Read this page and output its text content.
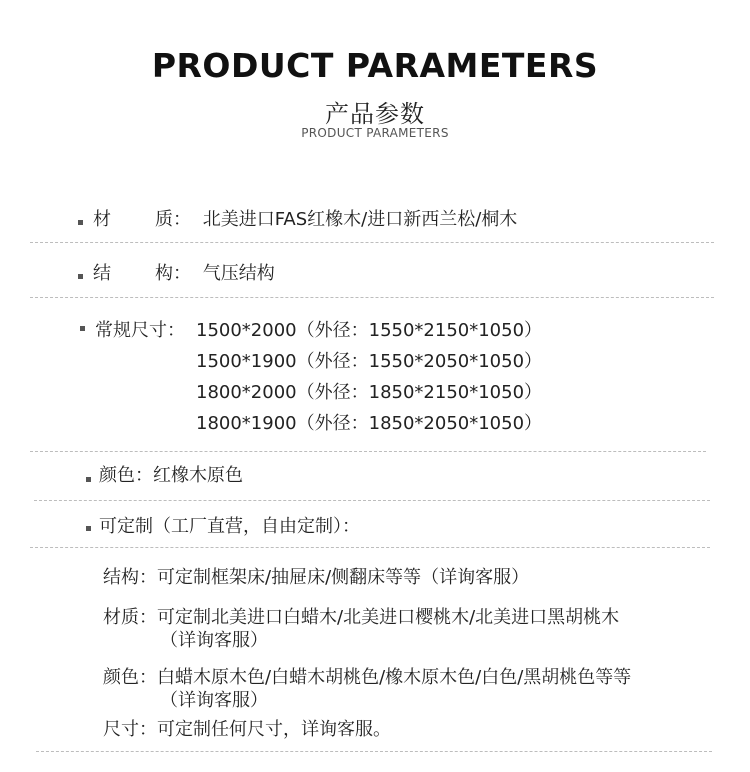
PRODUCT PARAMETERS
产品参数
PRODUCT PARAMETERS
材 质： 北美进口FAS红橡木/进口新西兰松/桐木
结 构： 气压结构
常规尺寸： 1500*2000（外径：1550*2150*1050）
1500*1900（外径：1550*2050*1050）
1800*2000（外径：1850*2150*1050）
1800*1900（外径：1850*2050*1050）
颜色：红橡木原色
可定制（工厂直营，自由定制）：
结构：可定制框架床/抽屉床/侧翻床等等（详询客服）
材质：可定制北美进口白蜡木/北美进口樱桃木/北美进口黑胡桃木
（详询客服）
颜色：白蜡木原木色/白蜡木胡桃色/橡木原木色/白色/黑胡桃色等等
（详询客服）
尺寸：可定制任何尺寸，详询客服。
